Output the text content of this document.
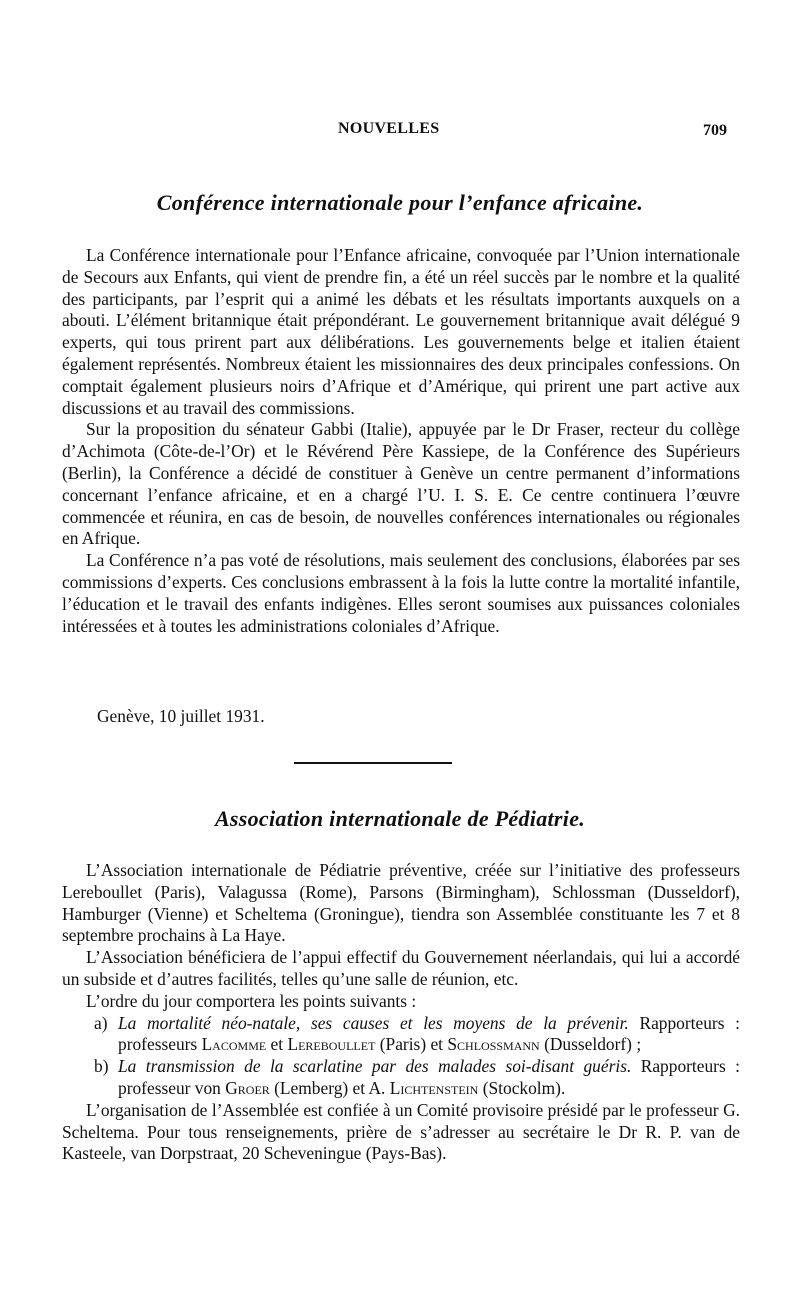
NOUVELLES	709
Conférence internationale pour l’enfance africaine.

La Conférence internationale pour l’Enfance africaine, convoquée par l’Union internationale de Secours aux Enfants, qui vient de prendre fin, a été un réel succès par le nombre et la qualité des participants, par l’esprit qui a animé les débats et les résultats importants auxquels on a abouti. L’élément britannique était prépondérant. Le gouvernement britannique avait délégué 9 experts, qui tous prirent part aux délibérations. Les gouvernements belge et italien étaient également représentés. Nombreux étaient les missionnaires des deux principales confessions. On comptait également plusieurs noirs d’Afrique et d’Amérique, qui prirent une part active aux discussions et au travail des commissions.

Sur la proposition du sénateur Gabbi (Italie), appuyée par le Dr Fraser, recteur du collège d’Achimota (Côte-de-l’Or) et le Révérend Père Kassiepe, de la Conférence des Supérieurs (Berlin), la Conférence a décidé de constituer à Genève un centre permanent d’informations concernant l’enfance africaine, et en a chargé l’U. I. S. E. Ce centre continuera l’œuvre commencée et réunira, en cas de besoin, de nouvelles conférences internationales ou régionales en Afrique.

La Conférence n’a pas voté de résolutions, mais seulement des conclusions, élaborées par ses commissions d’experts. Ces conclusions embrassent à la fois la lutte contre la mortalité infantile, l’éducation et le travail des enfants indigènes. Elles seront soumises aux puissances coloniales intéressées et à toutes les administrations coloniales d’Afrique.

Genève, 10 juillet 1931.
Association internationale de Pédiatrie.

L’Association internationale de Pédiatrie préventive, créée sur l’initiative des professeurs Lereboullet (Paris), Valagussa (Rome), Parsons (Birmingham), Schlossman (Dusseldorf), Hamburger (Vienne) et Scheltema (Groningue), tiendra son Assemblée constituante les 7 et 8 septembre prochains à La Haye.

L’Association bénéficiera de l’appui effectif du Gouvernement néerlandais, qui lui a accordé un subside et d’autres facilités, telles qu’une salle de réunion, etc.

L’ordre du jour comportera les points suivants :

a) La mortalité néo-natale, ses causes et les moyens de la prévenir. Rapporteurs : professeurs Lacomme et Lereboullet (Paris) et Schlossmann (Dusseldorf) ;
b) La transmission de la scarlatine par des malades soi-disant guéris. Rapporteurs : professeur von Groer (Lemberg) et A. Lichtenstein (Stockolm).

L’organisation de l’Assemblée est confiée à un Comité provisoire présidé par le professeur G. Scheltema. Pour tous renseignements, prière de s’adresser au secrétaire le Dr R. P. van de Kasteele, van Dorpstraat, 20 Scheveningue (Pays-Bas).
